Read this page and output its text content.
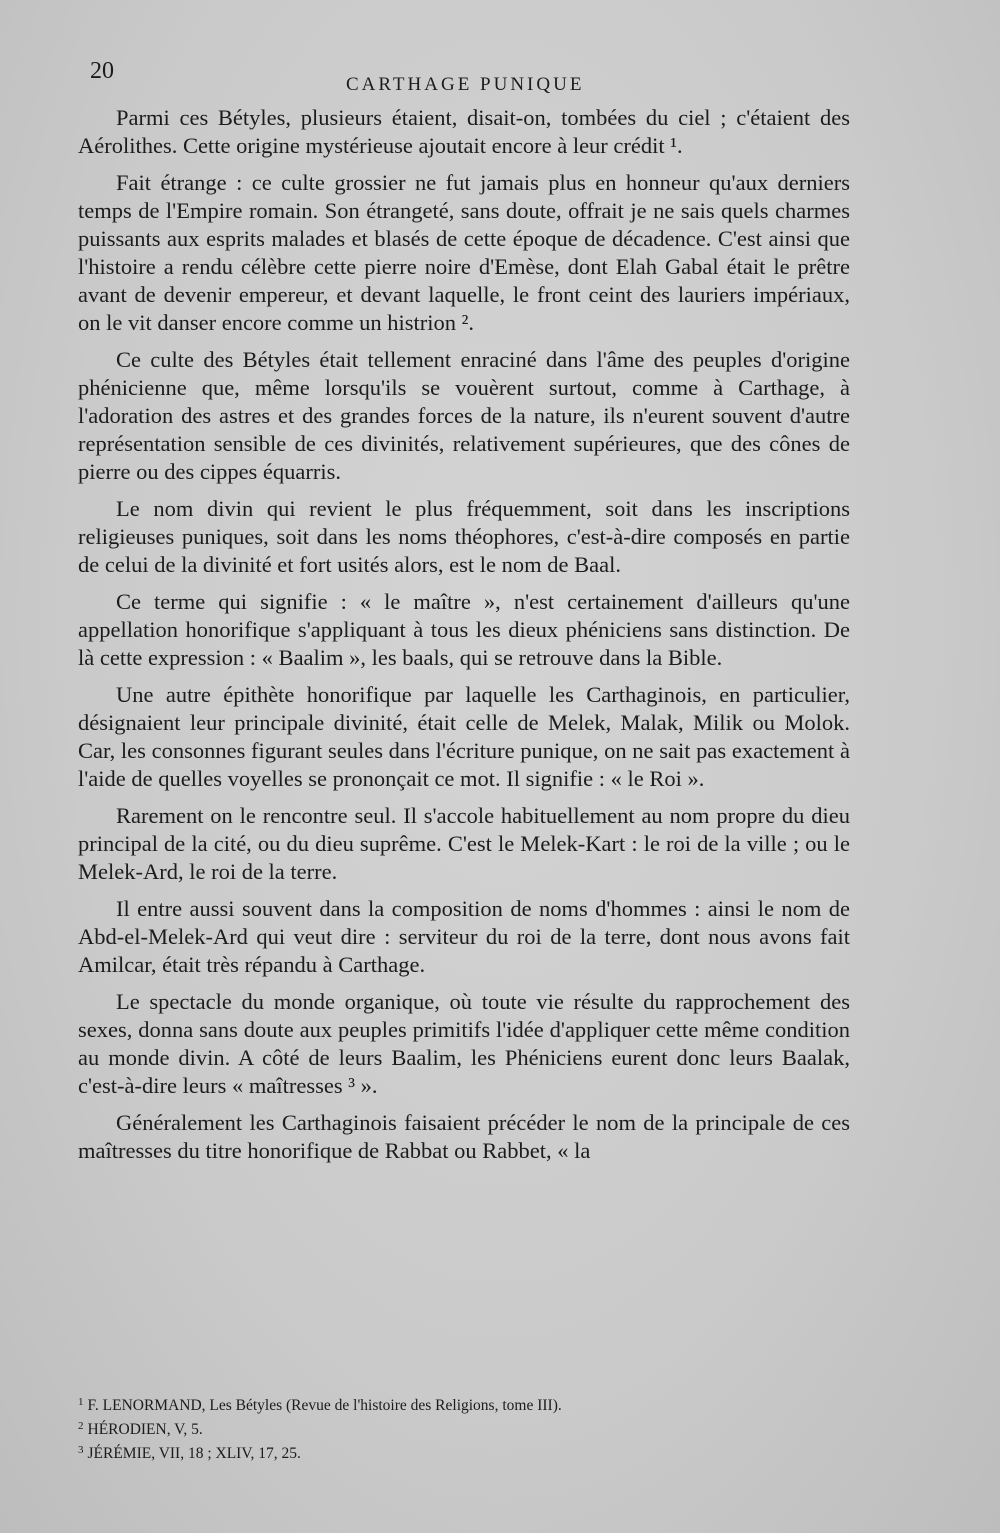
20
CARTHAGE PUNIQUE

Parmi ces Bétyles, plusieurs étaient, disait-on, tombées du ciel ; c'étaient des Aérolithes. Cette origine mystérieuse ajoutait encore à leur crédit ¹.

Fait étrange : ce culte grossier ne fut jamais plus en honneur qu'aux derniers temps de l'Empire romain. Son étrangeté, sans doute, offrait je ne sais quels charmes puissants aux esprits malades et blasés de cette époque de décadence. C'est ainsi que l'histoire a rendu célèbre cette pierre noire d'Emèse, dont Elah Gabal était le prêtre avant de devenir empereur, et devant laquelle, le front ceint des lauriers impériaux, on le vit danser encore comme un histrion ².

Ce culte des Bétyles était tellement enraciné dans l'âme des peuples d'origine phénicienne que, même lorsqu'ils se vouèrent surtout, comme à Carthage, à l'adoration des astres et des grandes forces de la nature, ils n'eurent souvent d'autre représentation sensible de ces divinités, relativement supérieures, que des cônes de pierre ou des cippes équarris.

Le nom divin qui revient le plus fréquemment, soit dans les inscriptions religieuses puniques, soit dans les noms théophores, c'est-à-dire composés en partie de celui de la divinité et fort usités alors, est le nom de Baal.

Ce terme qui signifie : « le maître », n'est certainement d'ailleurs qu'une appellation honorifique s'appliquant à tous les dieux phéniciens sans distinction. De là cette expression : « Baalim », les baals, qui se retrouve dans la Bible.

Une autre épithète honorifique par laquelle les Carthaginois, en particulier, désignaient leur principale divinité, était celle de Melek, Malak, Milik ou Molok. Car, les consonnes figurant seules dans l'écriture punique, on ne sait pas exactement à l'aide de quelles voyelles se prononçait ce mot. Il signifie : « le Roi ».

Rarement on le rencontre seul. Il s'accole habituellement au nom propre du dieu principal de la cité, ou du dieu suprême. C'est le Melek-Kart : le roi de la ville ; ou le Melek-Ard, le roi de la terre.

Il entre aussi souvent dans la composition de noms d'hommes : ainsi le nom de Abd-el-Melek-Ard qui veut dire : serviteur du roi de la terre, dont nous avons fait Amilcar, était très répandu à Carthage.

Le spectacle du monde organique, où toute vie résulte du rapprochement des sexes, donna sans doute aux peuples primitifs l'idée d'appliquer cette même condition au monde divin. A côté de leurs Baalim, les Phéniciens eurent donc leurs Baalak, c'est-à-dire leurs « maîtresses ³ ».

Généralement les Carthaginois faisaient précéder le nom de la principale de ces maîtresses du titre honorifique de Rabbat ou Rabbet, « la

$^1$ F. LENORMAND, Les Bétyles (Revue de l'histoire des Religions, tome III).

$^2$ HÉRODIEN, V, 5.

$^3$ JÉRÉMIE, VII, 18 ; XLIV, 17, 25.
